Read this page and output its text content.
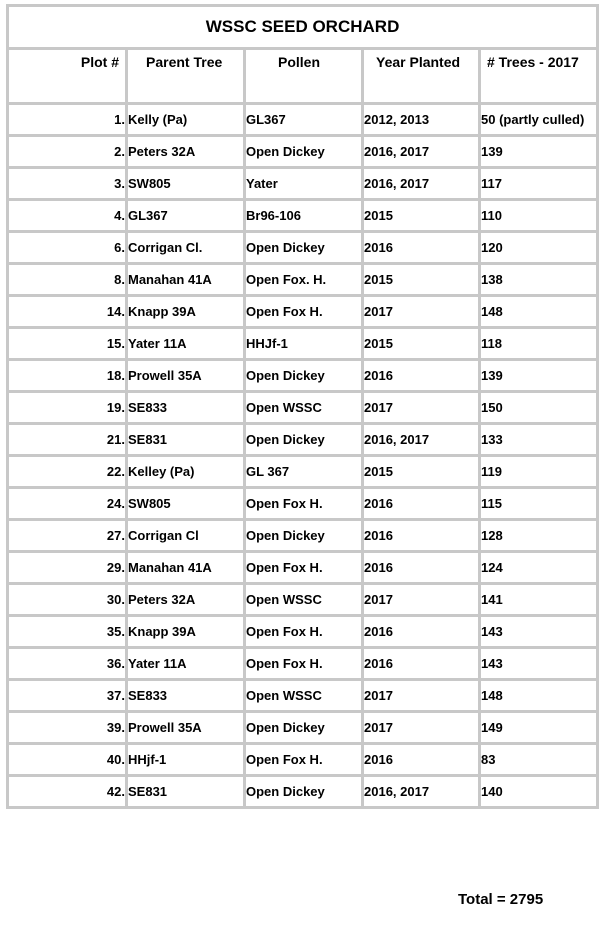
WSSC SEED ORCHARD				

Plot #	Parent Tree	Pollen	Year Planted	# Trees - 2017

1.	Kelly (Pa)	GL367	2012, 2013	50 (partly culled)
2.	Peters 32A	Open Dickey	2016, 2017	139
3.	SW805	Yater	2016, 2017	117
4.	GL367	Br96-106	2015	110
6.	Corrigan Cl.	Open Dickey	2016	120
8.	Manahan 41A	Open Fox. H.	2015	138
14.	Knapp 39A	Open Fox H.	2017	148
15.	Yater 11A	HHJf-1	2015	118
18.	Prowell 35A	Open Dickey	2016	139
19.	SE833	Open WSSC	2017	150
21.	SE831	Open Dickey	2016, 2017	133
22.	Kelley (Pa)	GL 367	2015	119
24.	SW805	Open Fox H.	2016	115
27.	Corrigan Cl	Open Dickey	2016	128
29.	Manahan 41A	Open Fox H.	2016	124
30.	Peters 32A	Open WSSC	2017	141
35.	Knapp 39A	Open Fox H.	2016	143
36.	Yater 11A	Open Fox H.	2016	143
37.	SE833	Open WSSC	2017	148
39.	Prowell 35A	Open Dickey	2017	149
40.	HHjf-1	Open Fox H.	2016	83
42.	SE831	Open Dickey	2016, 2017	140
Total = 2795
